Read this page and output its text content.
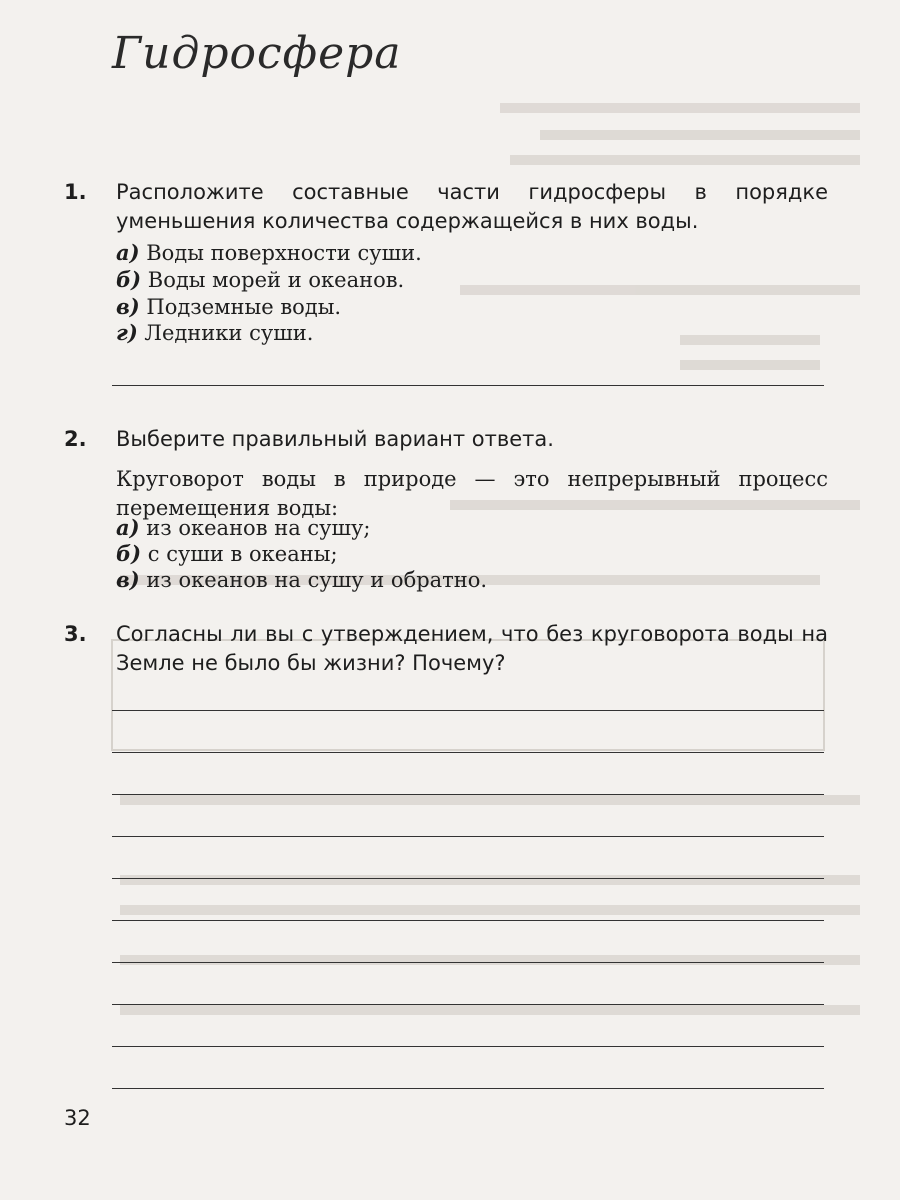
Гидросфера
1. Расположите составные части гидросферы в порядке уменьшения количества содержащейся в них воды.
а) Воды поверхности суши.
б) Воды морей и океанов.
в) Подземные воды.
г) Ледники суши.
2. Выберите правильный вариант ответа.
Круговорот воды в природе — это непрерывный процесс перемещения воды:
а) из океанов на сушу;
б) с суши в океаны;
в) из океанов на сушу и обратно.
3. Согласны ли вы с утверждением, что без круговорота воды на Земле не было бы жизни? Почему?
32
